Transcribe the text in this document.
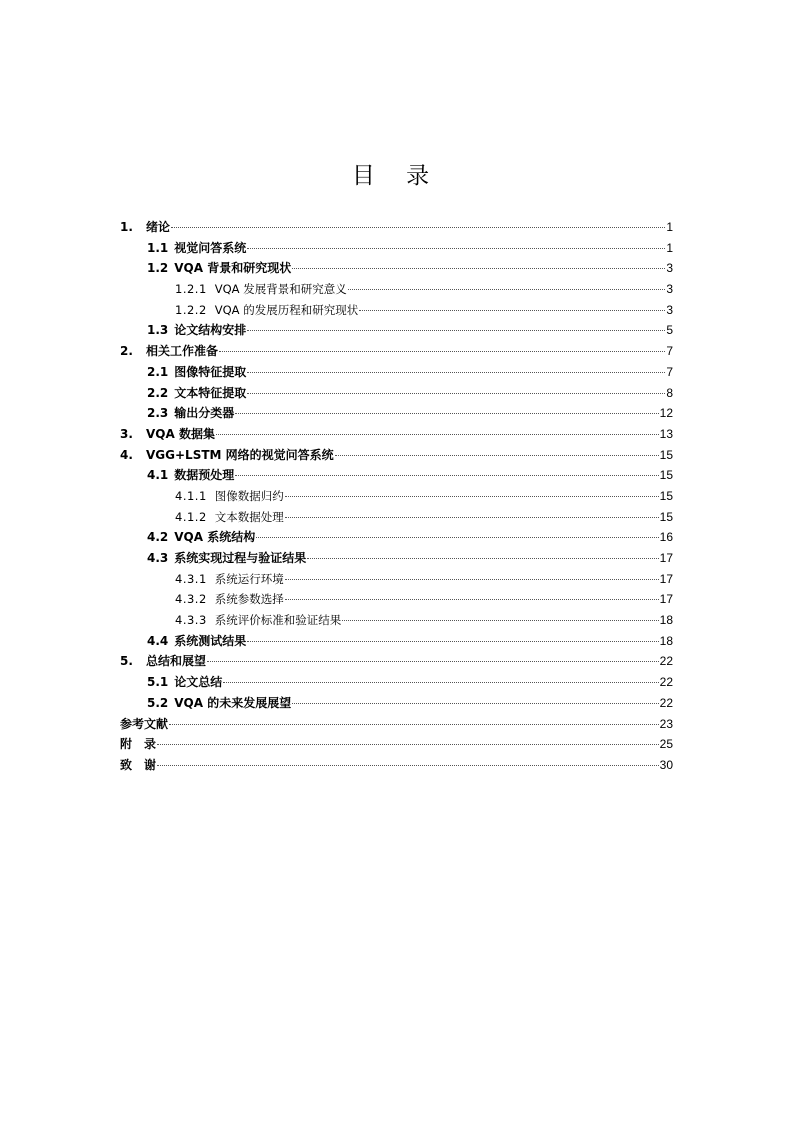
目 录
1.	绪论	1
1.1 视觉问答系统	1
1.2 VQA 背景和研究现状	3
1.2.1 VQA 发展背景和研究意义	3
1.2.2 VQA 的发展历程和研究现状	3
1.3 论文结构安排	5
2.	相关工作准备	7
2.1 图像特征提取	7
2.2 文本特征提取	8
2.3 输出分类器	12
3.	VQA 数据集	13
4.	VGG+LSTM 网络的视觉问答系统	15
4.1 数据预处理	15
4.1.1 图像数据归约	15
4.1.2 文本数据处理	15
4.2 VQA 系统结构	16
4.3 系统实现过程与验证结果	17
4.3.1 系统运行环境	17
4.3.2 系统参数选择	17
4.3.3 系统评价标准和验证结果	18
4.4 系统测试结果	18
5.	总结和展望	22
5.1 论文总结	22
5.2 VQA 的未来发展展望	22
参考文献	23
附　录	25
致　谢	30
